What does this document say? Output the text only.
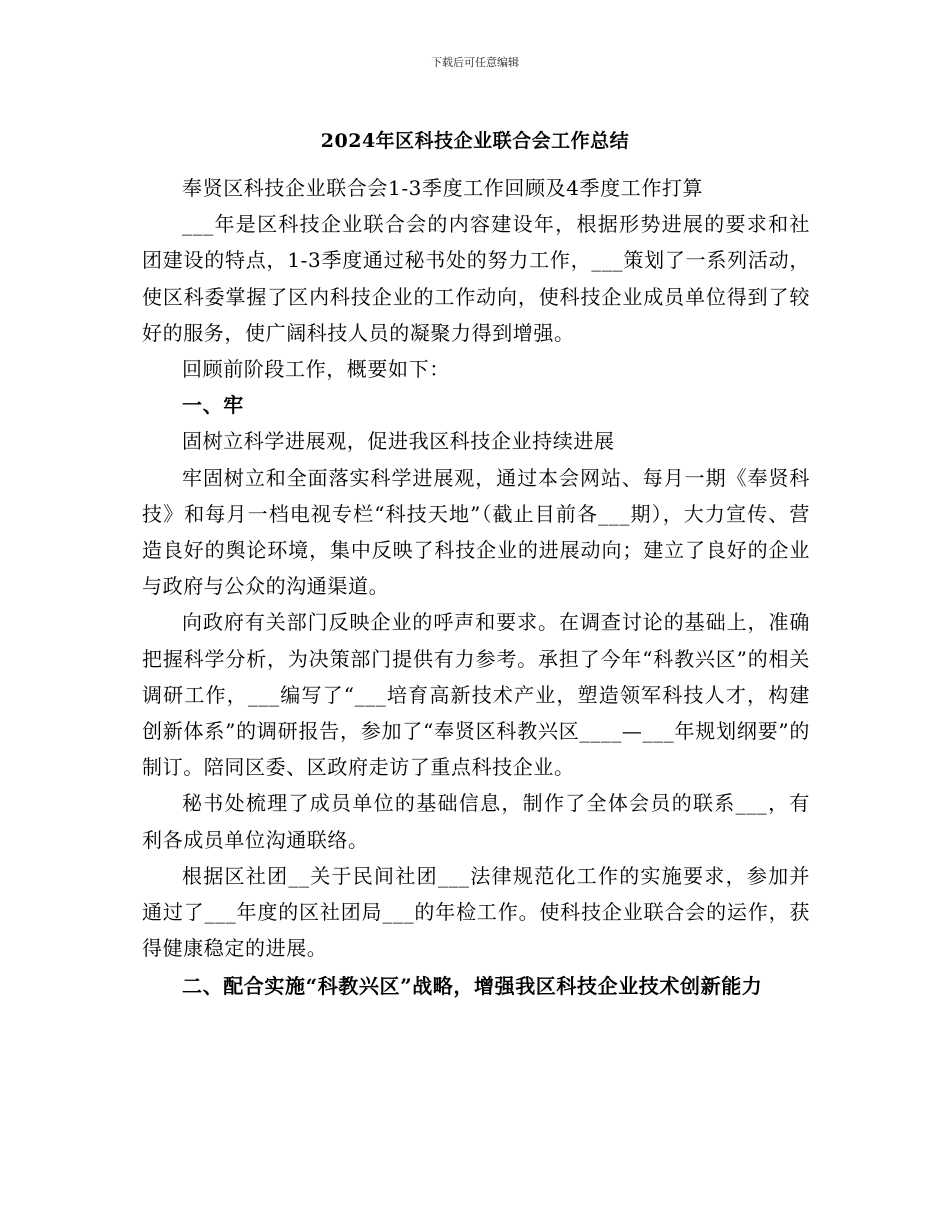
下载后可任意编辑
2024年区科技企业联合会工作总结

奉贤区科技企业联合会1-3季度工作回顾及4季度工作打算

___年是区科技企业联合会的内容建设年，根据形势进展的要求和社团建设的特点，1-3季度通过秘书处的努力工作，___策划了一系列活动，使区科委掌握了区内科技企业的工作动向，使科技企业成员单位得到了较好的服务，使广阔科技人员的凝聚力得到增强。

回顾前阶段工作，概要如下：

一、牢

固树立科学进展观，促进我区科技企业持续进展

牢固树立和全面落实科学进展观，通过本会网站、每月一期《奉贤科技》和每月一档电视专栏“科技天地”（截止目前各___期），大力宣传、营造良好的舆论环境，集中反映了科技企业的进展动向；建立了良好的企业与政府与公众的沟通渠道。

向政府有关部门反映企业的呼声和要求。在调查讨论的基础上，准确把握科学分析，为决策部门提供有力参考。承担了今年“科教兴区”的相关调研工作，___编写了“___培育高新技术产业，塑造领军科技人才，构建创新体系”的调研报告，参加了“奉贤区科教兴区____—___年规划纲要”的制订。陪同区委、区政府走访了重点科技企业。

秘书处梳理了成员单位的基础信息，制作了全体会员的联系___，有利各成员单位沟通联络。

根据区社团__关于民间社团___法律规范化工作的实施要求，参加并通过了___年度的区社团局___的年检工作。使科技企业联合会的运作，获得健康稳定的进展。

二、配合实施“科教兴区”战略，增强我区科技企业技术创新能力
